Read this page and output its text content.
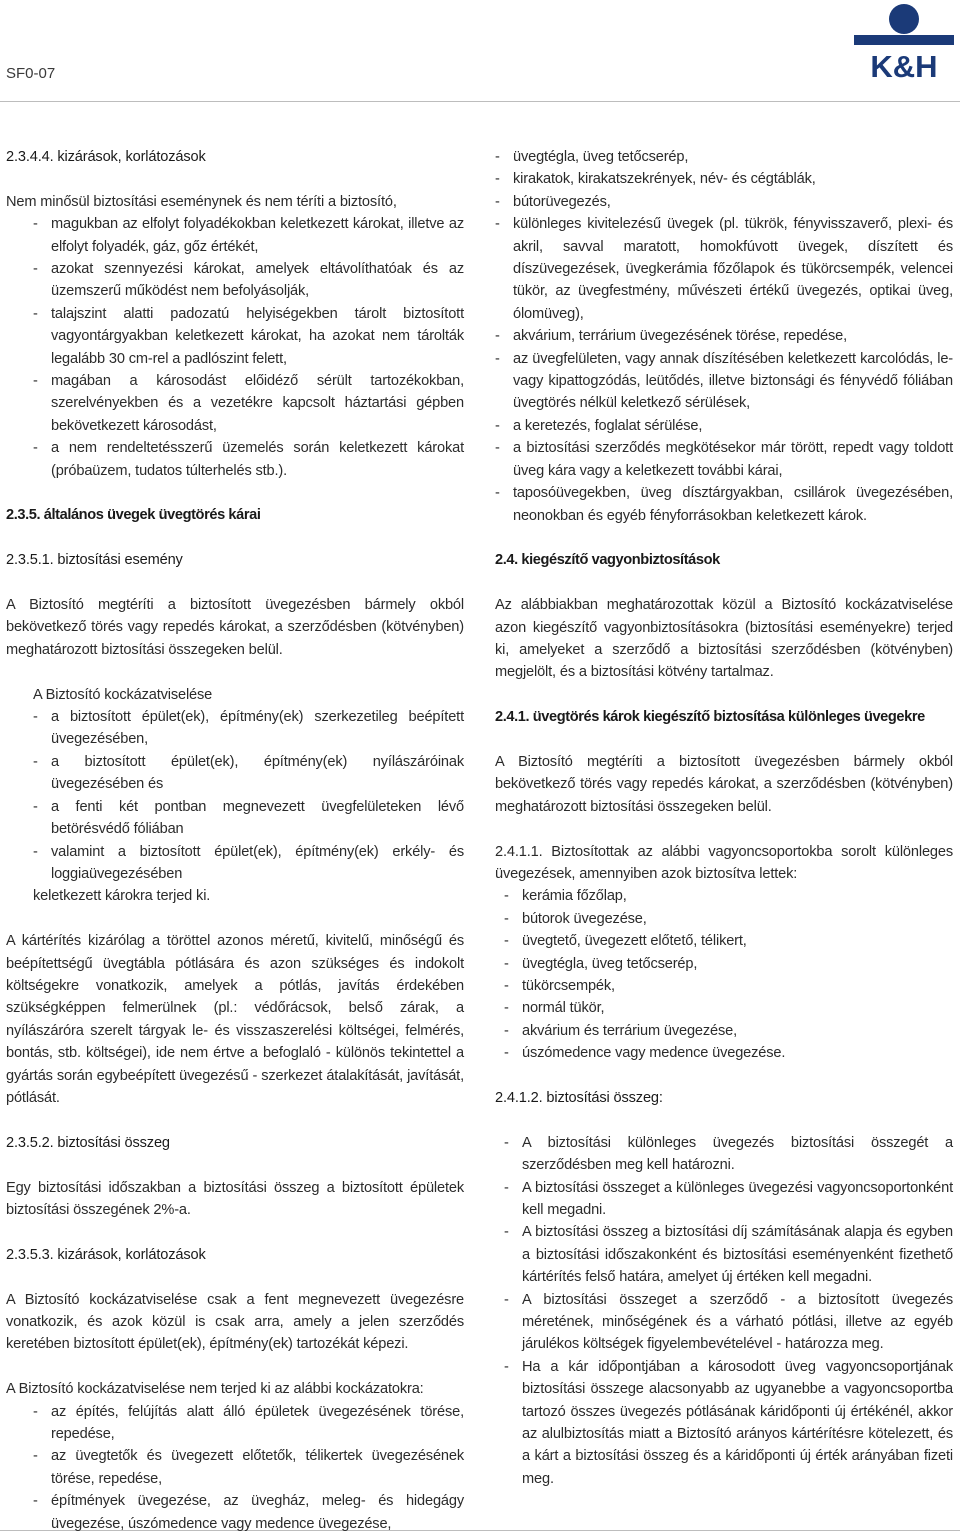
SF0-07	K&H
2.3.4.4. kizárások, korlátozások
Nem minősül biztosítási eseménynek és nem téríti a biztosító,
- magukban az elfolyt folyadékokban keletkezett károkat, illetve az elfolyt folyadék, gáz, gőz értékét,
- azokat szennyezési károkat, amelyek eltávolíthatóak és az üzemszerű működést nem befolyásolják,
- talajszint alatti padozatú helyiségekben tárolt biztosított vagyontárgyakban keletkezett károkat, ha azokat nem tárolták legalább 30 cm-rel a padlószint felett,
- magában a károsodást előidéző sérült tartozékokban, szerelvényekben és a vezetékre kapcsolt háztartási gépben bekövetkezett károsodást,
- a nem rendeltetésszerű üzemelés során keletkezett károkat (próbaüzem, tudatos túlterhelés stb.).
2.3.5. általános üvegek üvegtörés kárai
2.3.5.1. biztosítási esemény
A Biztosító megtéríti a biztosított üvegezésben bármely okból bekövetkező törés vagy repedés károkat, a szerződésben (kötvényben) meghatározott biztosítási összegeken belül.
A Biztosító kockázatviselése
- a biztosított épület(ek), építmény(ek) szerkezetileg beépített üvegezésében,
- a biztosított épület(ek), építmény(ek) nyílászáróinak üvegezésében és
- a fenti két pontban megnevezett üvegfelületeken lévő betörésvédő fóliában
- valamint a biztosított épület(ek), építmény(ek) erkély- és loggiaüvegezésében
keletkezett károkra terjed ki.
A kártérítés kizárólag a töröttel azonos méretű, kivitelű, minőségű és beépítettségű üvegtábla pótlására és azon szükséges és indokolt költségekre vonatkozik, amelyek a pótlás, javítás érdekében szükségképpen felmerülnek (pl.: védőrácsok, belső zárak, a nyílászáróra szerelt tárgyak le- és visszaszerelési költségei, felmérés, bontás, stb. költségei), ide nem értve a befoglaló - különös tekintettel a gyártás során egybeépített üvegezésű - szerkezet átalakítását, javítását, pótlását.
2.3.5.2. biztosítási összeg
Egy biztosítási időszakban a biztosítási összeg a biztosított épületek biztosítási összegének 2%-a.
2.3.5.3. kizárások, korlátozások
A Biztosító kockázatviselése csak a fent megnevezett üvegezésre vonatkozik, és azok közül is csak arra, amely a jelen szerződés keretében biztosított épület(ek), építmény(ek) tartozékát képezi.
A Biztosító kockázatviselése nem terjed ki az alábbi kockázatokra:
- az építés, felújítás alatt álló épületek üvegezésének törése, repedése,
- az üvegtetők és üvegezett előtetők, télikertek üvegezésének törése, repedése,
- építmények üvegezése, az üvegház, meleg- és hidegágy üvegezése, úszómedence vagy medence üvegezése,
- üvegtégla, üveg tetőcserép,
- kirakatok, kirakatszekrények, név- és cégtáblák,
- bútorüvegezés,
- különleges kivitelezésű üvegek (pl. tükrök, fényvisszaverő, plexi- és akril, savval maratott, homokfúvott üvegek, díszített és díszüvegezések, üvegkerámia főzőlapok és tükörcsempék, velencei tükör, az üvegfestmény, művészeti értékű üvegezés, optikai üveg, ólomüveg),
- akvárium, terrárium üvegezésének törése, repedése,
- az üvegfelületen, vagy annak díszítésében keletkezett karcolódás, le- vagy kipattogzódás, leütődés, illetve biztonsági és fényvédő fóliában üvegtörés nélkül keletkező sérülések,
- a keretezés, foglalat sérülése,
- a biztosítási szerződés megkötésekor már törött, repedt vagy toldott üveg kára vagy a keletkezett további kárai,
- taposóüvegekben, üveg dísztárgyakban, csillárok üvegezésében, neonokban és egyéb fényforrásokban keletkezett károk.
2.4. kiegészítő vagyonbiztosítások
Az alábbiakban meghatározottak közül a Biztosító kockázatviselése azon kiegészítő vagyonbiztosításokra (biztosítási eseményekre) terjed ki, amelyeket a szerződő a biztosítási szerződésben (kötvényben) megjelölt, és a biztosítási kötvény tartalmaz.
2.4.1. üvegtörés károk kiegészítő biztosítása különleges üvegekre
A Biztosító megtéríti a biztosított üvegezésben bármely okból bekövetkező törés vagy repedés károkat, a szerződésben (kötvényben) meghatározott biztosítási összegeken belül.
2.4.1.1. Biztosítottak az alábbi vagyoncsoportokba sorolt különleges üvegezések, amennyiben azok biztosítva lettek:
- kerámia főzőlap,
- bútorok üvegezése,
- üvegtető, üvegezett előtető, télikert,
- üvegtégla, üveg tetőcserép,
- tükörcsempék,
- normál tükör,
- akvárium és terrárium üvegezése,
- úszómedence vagy medence üvegezése.
2.4.1.2. biztosítási összeg:
- A biztosítási különleges üvegezés biztosítási összegét a szerződésben meg kell határozni.
- A biztosítási összeget a különleges üvegezési vagyoncsoportonként kell megadni.
- A biztosítási összeg a biztosítási díj számításának alapja és egyben a biztosítási időszakonként és biztosítási eseményenként fizethető kártérítés felső határa, amelyet új értéken kell megadni.
- A biztosítási összeget a szerződő - a biztosított üvegezés méretének, minőségének és a várható pótlási, illetve az egyéb járulékos költségek figyelembevételével - határozza meg.
- Ha a kár időpontjában a károsodott üveg vagyoncsoportjának biztosítási összege alacsonyabb az ugyanebbe a vagyoncsoportba tartozó összes üvegezés pótlásának káridőponti új értékénél, akkor az alulbiztosítás miatt a Biztosító arányos kártérítésre kötelezett, és a kárt a biztosítási összeg és a káridőponti új érték arányában fizeti meg.
